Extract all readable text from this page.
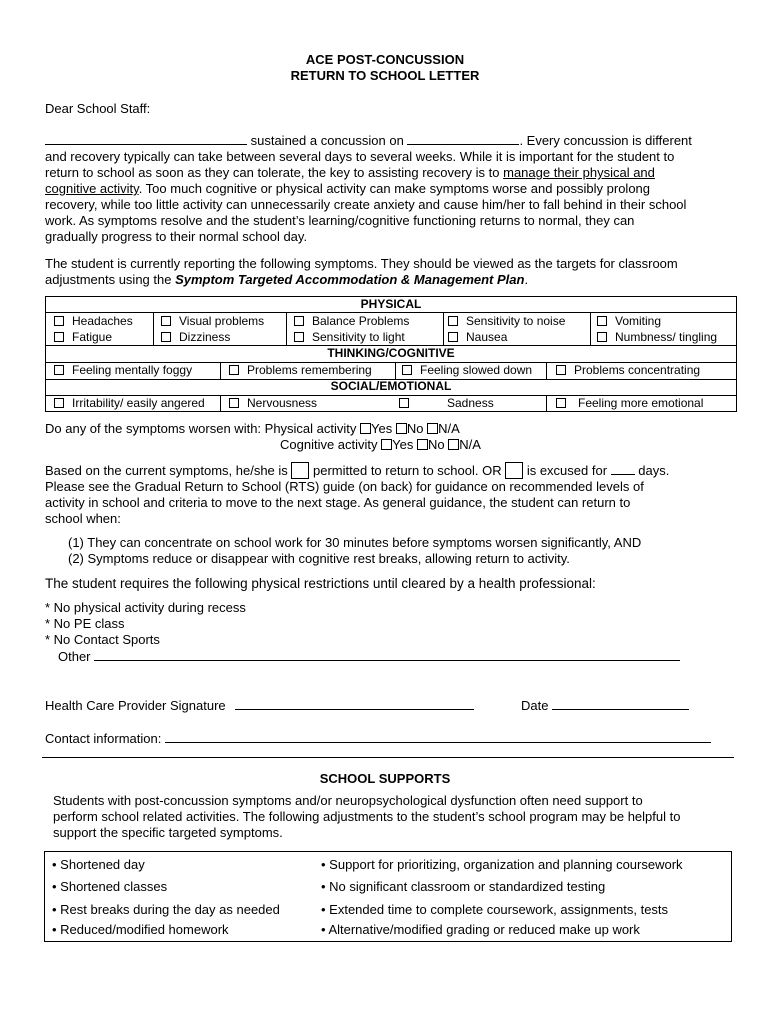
ACE POST-CONCUSSION
RETURN TO SCHOOL LETTER
Dear School Staff:
sustained a concussion on	. Every concussion is different
and recovery typically can take between several days to several weeks. While it is important for the student to
return to school as soon as they can tolerate, the key to assisting recovery is to manage their physical and
cognitive activity. Too much cognitive or physical activity can make symptoms worse and possibly prolong
recovery, while too little activity can unnecessarily create anxiety and cause him/her to fall behind in their school
work. As symptoms resolve and the student’s learning/cognitive functioning returns to normal, they can
gradually progress to their normal school day.
The student is currently reporting the following symptoms. They should be viewed as the targets for classroom
adjustments using the Symptom Targeted Accommodation & Management Plan.
PHYSICAL
Headaches	Visual problems	Balance Problems	Sensitivity to noise	Vomiting
Fatigue	Dizziness	Sensitivity to light	Nausea	Numbness/ tingling
THINKING/COGNITIVE
Feeling mentally foggy	Problems remembering	Feeling slowed down	Problems concentrating
SOCIAL/EMOTIONAL
Irritability/ easily angered	Nervousness	Sadness	Feeling more emotional
Do any of the symptoms worsen with: Physical activity Yes No N/A
Cognitive activity Yes No N/A
Based on the current symptoms, he/she is  permitted to return to school. OR  is excused for  days.
Please see the Gradual Return to School (RTS) guide (on back) for guidance on recommended levels of
activity in school and criteria to move to the next stage. As general guidance, the student can return to
school when:
(1) They can concentrate on school work for 30 minutes before symptoms worsen significantly, AND
(2) Symptoms reduce or disappear with cognitive rest breaks, allowing return to activity.
The student requires the following physical restrictions until cleared by a health professional:
* No physical activity during recess
* No PE class
* No Contact Sports
Other
Health Care Provider Signature	Date
Contact information:
SCHOOL SUPPORTS
Students with post-concussion symptoms and/or neuropsychological dysfunction often need support to
perform school related activities. The following adjustments to the student’s school program may be helpful to
support the specific targeted symptoms.
• Shortened day
• Shortened classes
• Rest breaks during the day as needed
• Reduced/modified homework
• Support for prioritizing, organization and planning coursework
• No significant classroom or standardized testing
• Extended time to complete coursework, assignments, tests
• Alternative/modified grading or reduced make up work
